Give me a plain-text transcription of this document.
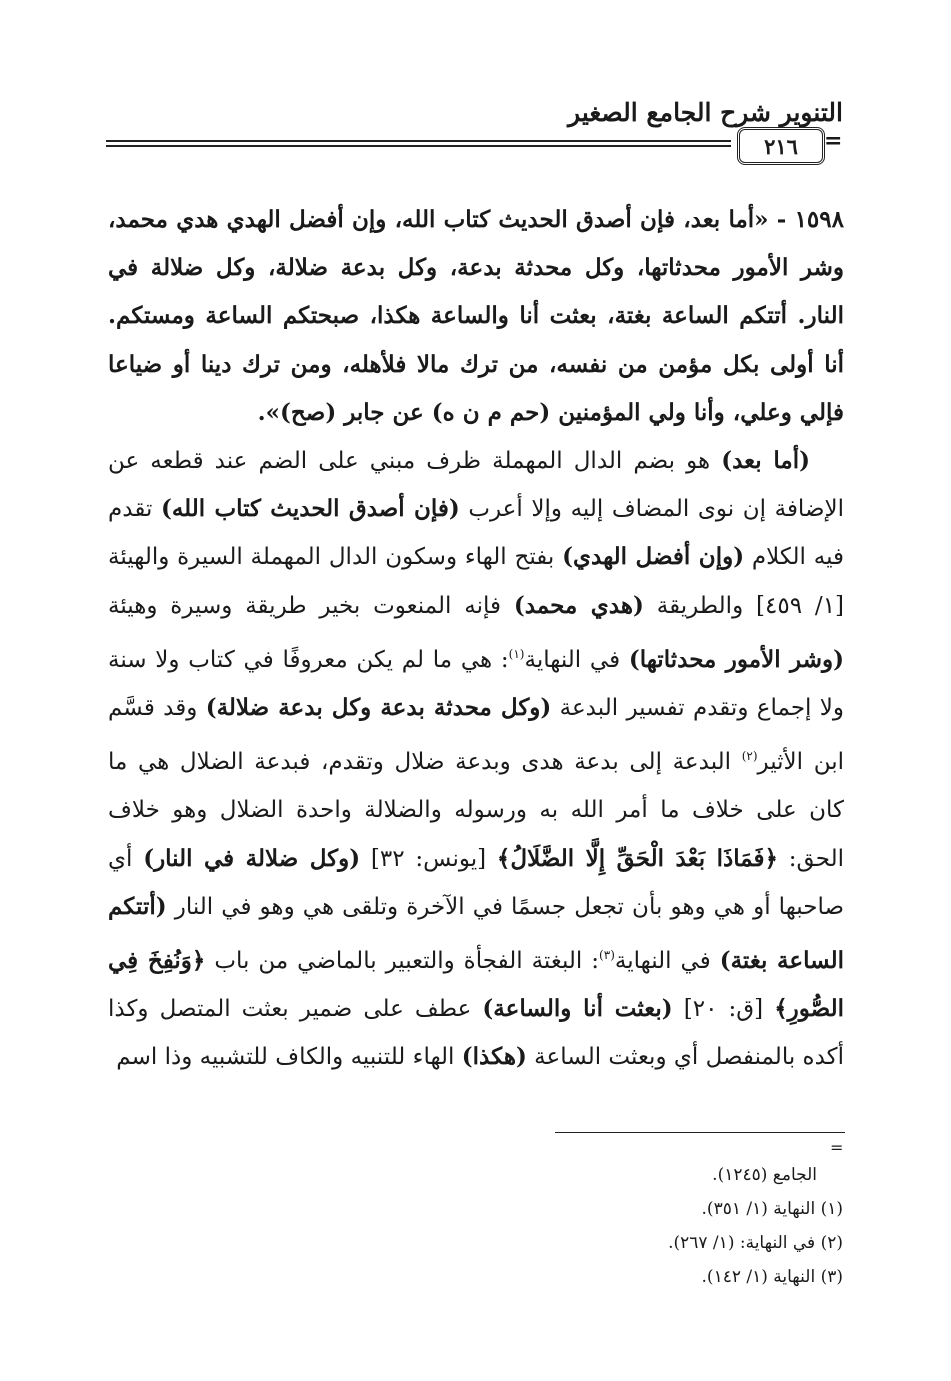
التنوير شرح الجامع الصغير
٢١٦ =

١٥٩٨ - «أما بعد، فإن أصدق الحديث كتاب الله، وإن أفضل الهدي هدي محمد، وشر الأمور محدثاتها، وكل محدثة بدعة، وكل بدعة ضلالة، وكل ضلالة في النار. أتتكم الساعة بغتة، بعثت أنا والساعة هكذا، صبحتكم الساعة ومستكم. أنا أولى بكل مؤمن من نفسه، من ترك مالا فلأهله، ومن ترك دينا أو ضياعا فإلي وعلي، وأنا ولي المؤمنين (حم م ن ه) عن جابر (صح)».

(أما بعد) هو بضم الدال المهملة ظرف مبني على الضم عند قطعه عن الإضافة إن نوى المضاف إليه وإلا أعرب (فإن أصدق الحديث كتاب الله) تقدم فيه الكلام (وإن أفضل الهدي) بفتح الهاء وسكون الدال المهملة السيرة والهيئة [١/ ٤٥٩] والطريقة (هدي محمد) فإنه المنعوت بخير طريقة وسيرة وهيئة (وشر الأمور محدثاتها) في النهاية$^{(١)}$: هي ما لم يكن معروفًا في كتاب ولا سنة ولا إجماع وتقدم تفسير البدعة (وكل محدثة بدعة وكل بدعة ضلالة) وقد قسَّم ابن الأثير$^{(٢)}$ البدعة إلى بدعة هدى وبدعة ضلال وتقدم، فبدعة الضلال هي ما كان على خلاف ما أمر الله به ورسوله والضلالة واحدة الضلال وهو خلاف الحق: ﴿فَمَاذَا بَعْدَ الْحَقِّ إِلَّا الضَّلَالُ﴾ [يونس: ٣٢] (وكل ضلالة في النار) أي صاحبها أو هي وهو بأن تجعل جسمًا في الآخرة وتلقى هي وهو في النار (أتتكم الساعة بغتة) في النهاية$^{(٣)}$: البغتة الفجأة والتعبير بالماضي من باب ﴿وَنُفِخَ فِي الصُّورِ﴾ [ق: ٢٠] (بعثت أنا والساعة) عطف على ضمير بعثت المتصل وكذا أكده بالمنفصل أي وبعثت الساعة (هكذا) الهاء للتنبيه والكاف للتشبيه وذا اسم

=
الجامع (١٢٤٥).
(١) النهاية (١/ ٣٥١).
(٢) في النهاية: (١/ ٢٦٧).
(٣) النهاية (١/ ١٤٢).
